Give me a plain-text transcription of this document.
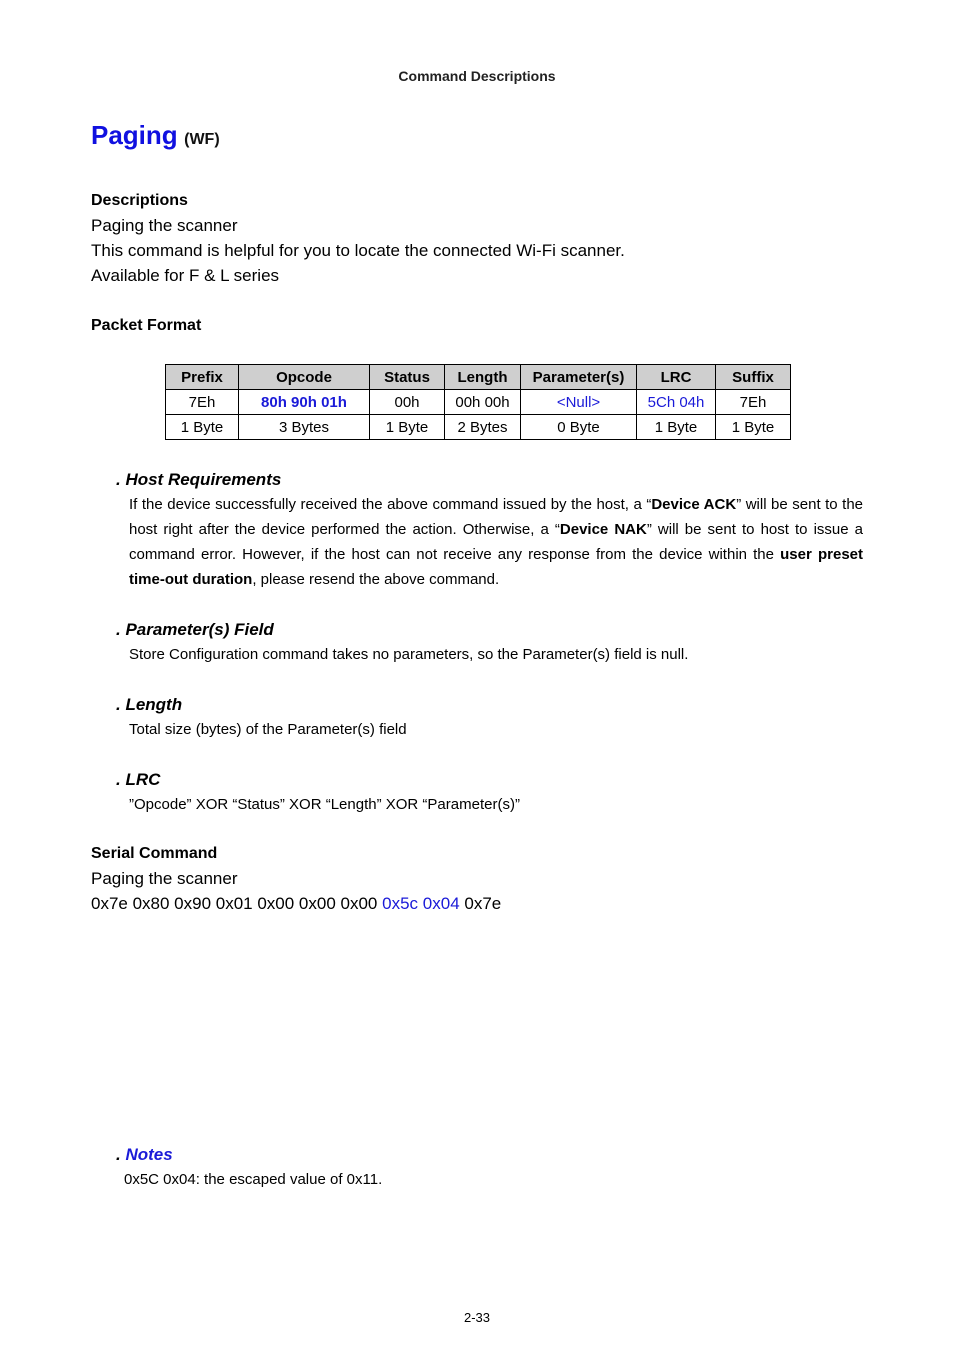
Command Descriptions
Paging (WF)
Descriptions
Paging the scanner
This command is helpful for you to locate the connected Wi-Fi scanner.
Available for F & L series
Packet Format
Prefix	Opcode	Status	Length	Parameter(s)	LRC	Suffix
7Eh	80h 90h 01h	00h	00h 00h	<Null>	5Ch 04h	7Eh
1 Byte	3 Bytes	1 Byte	2 Bytes	0 Byte	1 Byte	1 Byte
. Host Requirements
If the device successfully received the above command issued by the host, a “Device ACK” will be sent to the host right after the device performed the action. Otherwise, a “Device NAK” will be sent to host to issue a command error. However, if the host can not receive any response from the device within the user preset time-out duration, please resend the above command.
. Parameter(s) Field
Store Configuration command takes no parameters, so the Parameter(s) field is null.
. Length
Total size (bytes) of the Parameter(s) field
. LRC
”Opcode” XOR “Status” XOR “Length” XOR “Parameter(s)”
Serial Command
Paging the scanner
0x7e 0x80 0x90 0x01 0x00 0x00 0x00 0x5c 0x04 0x7e
. Notes
0x5C 0x04: the escaped value of 0x11.
2-33
